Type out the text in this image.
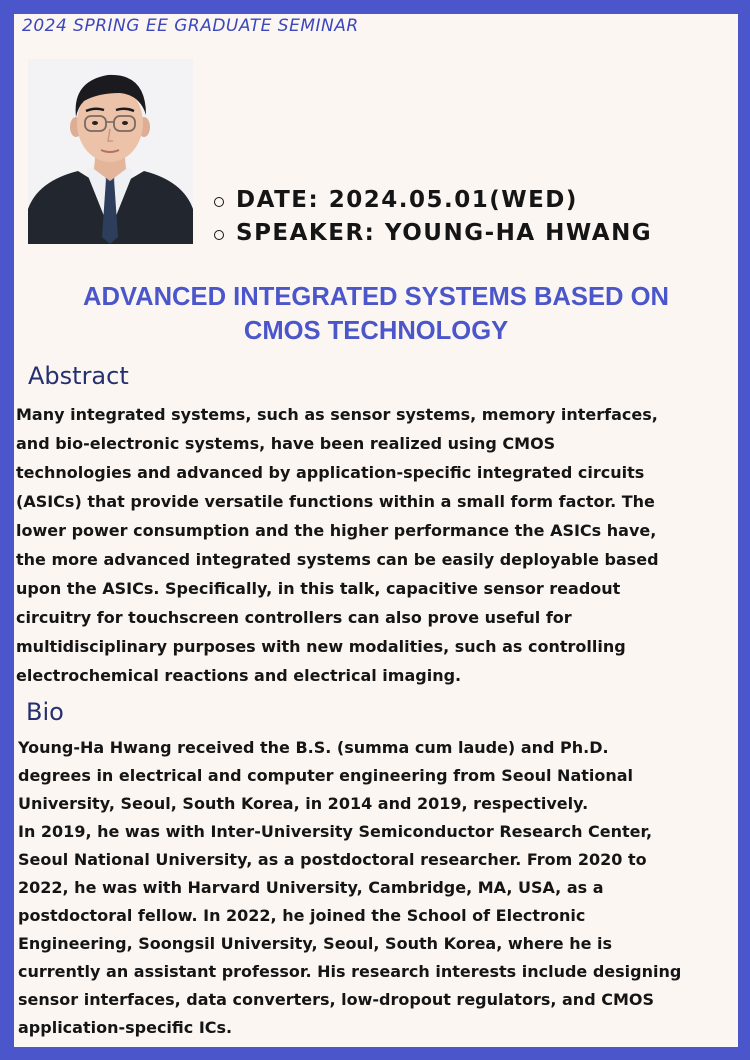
2024 SPRING EE GRADUATE SEMINAR
DATE: 2024.05.01(WED)
SPEAKER: YOUNG-HA HWANG
ADVANCED INTEGRATED SYSTEMS BASED ON
CMOS TECHNOLOGY
Abstract
Many integrated systems, such as sensor systems, memory interfaces,
and bio-electronic systems, have been realized using CMOS
technologies and advanced by application-specific integrated circuits
(ASICs) that provide versatile functions within a small form factor. The
lower power consumption and the higher performance the ASICs have,
the more advanced integrated systems can be easily deployable based
upon the ASICs. Specifically, in this talk, capacitive sensor readout
circuitry for touchscreen controllers can also prove useful for
multidisciplinary purposes with new modalities, such as controlling
electrochemical reactions and electrical imaging.
Bio
Young-Ha Hwang received the B.S. (summa cum laude) and Ph.D.
degrees in electrical and computer engineering from Seoul National
University, Seoul, South Korea, in 2014 and 2019, respectively.
In 2019, he was with Inter-University Semiconductor Research Center,
Seoul National University, as a postdoctoral researcher. From 2020 to
2022, he was with Harvard University, Cambridge, MA, USA, as a
postdoctoral fellow. In 2022, he joined the School of Electronic
Engineering, Soongsil University, Seoul, South Korea, where he is
currently an assistant professor. His research interests include designing
sensor interfaces, data converters, low-dropout regulators, and CMOS
application-specific ICs.
